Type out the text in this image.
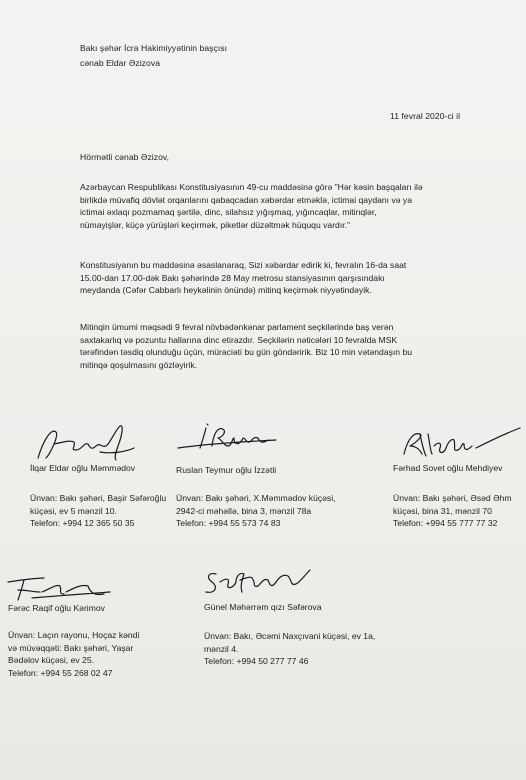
Bakı şəhər İcra Hakimiyyətinin başçısı
cənab Eldar Əzizova
11 fevral 2020-ci il
Hörmətli cənab Əzizov,
Azərbaycan Respublikası Konstitusiyasının 49-cu maddəsinə görə "Hər kəsin başqaları ilə
birlikdə müvafiq dövlət orqanlarını qabaqcadan xəbərdar etməklə, ictimai qaydanı və ya
ictimai əxlaqı pozmamaq şərtilə, dinc, silahsız yığışmaq, yığıncaqlar, mitinqlər,
nümayişlər, küçə yürüşləri keçirmək, piketlər düzəltmək hüququ vardır."
Konstitusiyanın bu maddəsinə əsaslanaraq, Sizi xəbərdar edirik ki, fevralın 16-da saat
15.00-dan 17.00-dək Bakı şəhərində 28 May metrosu stansiyasının qarşısındakı
meydanda (Cəfər Cabbarlı heykəlinin önündə) mitinq keçirmək niyyətindəyik.
Mitinqin ümumi məqsədi 9 fevral növbədənkənar parlament seçkilərində baş verən
saxtakarlıq və pozuntu hallarına dinc etirazdır. Seçkilərin nəticələri 10 fevralda MSK
tərəfindən təsdiq olunduğu üçün, müraciəti bu gün göndəririk. Biz 10 min vətəndaşın bu
mitinqə qoşulmasını gözləyirik.
İlqar Eldar oğlu Məmmədov
Ünvan: Bakı şəhəri, Başir Səfəroğlu
küçəsi, ev 5 mənzil 10.
Telefon: +994 12 365 50 35
Ruslan Teymur oğlu İzzətli
Ünvan: Bakı şəhəri, X.Məmmədov küçəsi,
2942-ci məhəllə, bina 3, mənzil 78a
Telefon: +994 55 573 74 83
Fərhad Sovet oğlu Mehdiyev
Ünvan: Bakı şəhəri, Əsəd Əhm
küçəsi, bina 31, mənzil 70
Telefon: +994 55 777 77 32
Fərəc Raqif oğlu Kərimov
Ünvan: Laçın rayonu, Hoçaz kəndi
və müvəqqəti: Bakı şəhəri, Yaşar
Bədəlov küçəsi, ev 25.
Telefon: +994 55 268 02 47
Günel Məhərrəm qızı Səfərova
Ünvan: Bakı, Əcəmi Naxçıvani küçəsi, ev 1a,
mənzil 4.
Telefon: +994 50 277 77 46
